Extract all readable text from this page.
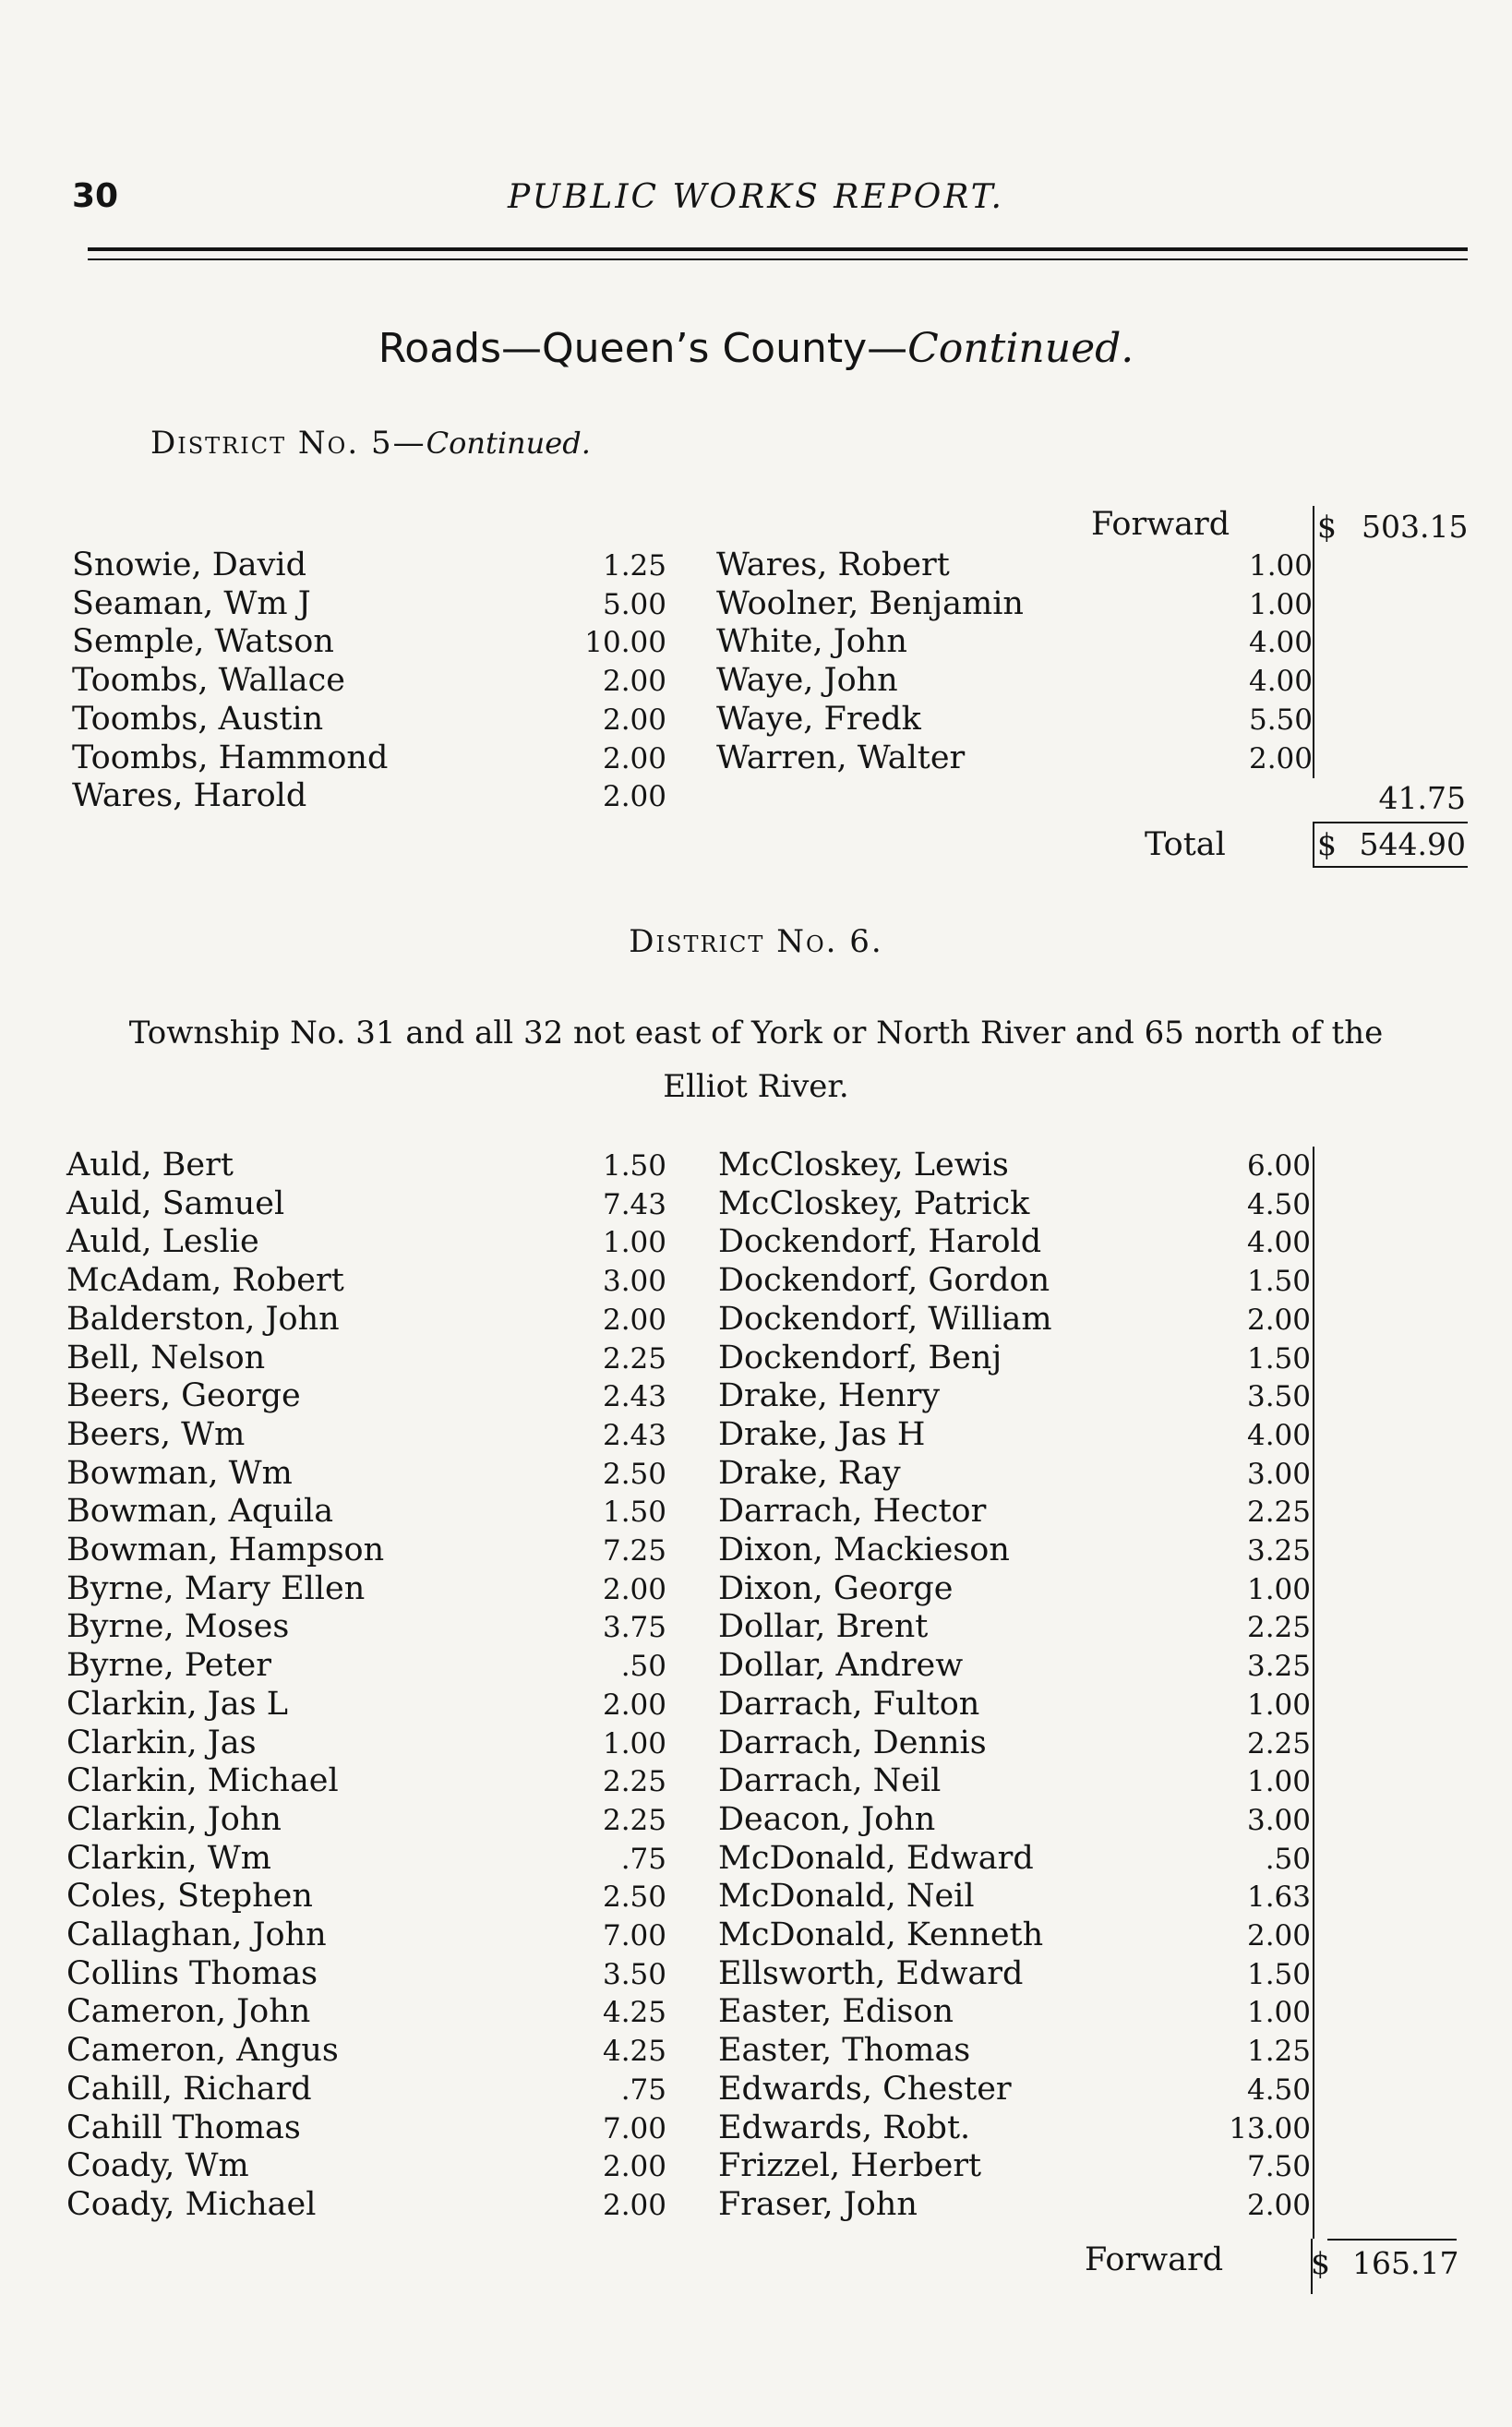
30	PUBLIC WORKS REPORT.
Roads—Queen’s County—Continued.
District No. 5—Continued.
Forward	$ 503.15
Snowie, David	1.25
Seaman, Wm J	5.00
Semple, Watson	10.00
Toombs, Wallace	2.00
Toombs, Austin	2.00
Toombs, Hammond	2.00
Wares, Harold	2.00
Wares, Robert	1.00
Woolner, Benjamin	1.00
White, John	4.00
Waye, John	4.00
Waye, Fredk	5.50
Warren, Walter	2.00
41.75
Total	$ 544.90
District No. 6.
Township No. 31 and all 32 not east of York or North River and 65 north of the
Elliot River.
Auld, Bert	1.50
Auld, Samuel	7.43
Auld, Leslie	1.00
McAdam, Robert	3.00
Balderston, John	2.00
Bell, Nelson	2.25
Beers, George	2.43
Beers, Wm	2.43
Bowman, Wm	2.50
Bowman, Aquila	1.50
Bowman, Hampson	7.25
Byrne, Mary Ellen	2.00
Byrne, Moses	3.75
Byrne, Peter	.50
Clarkin, Jas L	2.00
Clarkin, Jas	1.00
Clarkin, Michael	2.25
Clarkin, John	2.25
Clarkin, Wm	.75
Coles, Stephen	2.50
Callaghan, John	7.00
Collins Thomas	3.50
Cameron, John	4.25
Cameron, Angus	4.25
Cahill, Richard	.75
Cahill Thomas	7.00
Coady, Wm	2.00
Coady, Michael	2.00
McCloskey, Lewis	6.00
McCloskey, Patrick	4.50
Dockendorf, Harold	4.00
Dockendorf, Gordon	1.50
Dockendorf, William	2.00
Dockendorf, Benj	1.50
Drake, Henry	3.50
Drake, Jas H	4.00
Drake, Ray	3.00
Darrach, Hector	2.25
Dixon, Mackieson	3.25
Dixon, George	1.00
Dollar, Brent	2.25
Dollar, Andrew	3.25
Darrach, Fulton	1.00
Darrach, Dennis	2.25
Darrach, Neil	1.00
Deacon, John	3.00
McDonald, Edward	.50
McDonald, Neil	1.63
McDonald, Kenneth	2.00
Ellsworth, Edward	1.50
Easter, Edison	1.00
Easter, Thomas	1.25
Edwards, Chester	4.50
Edwards, Robt.	13.00
Frizzel, Herbert	7.50
Fraser, John	2.00
Forward	$ 165.17
